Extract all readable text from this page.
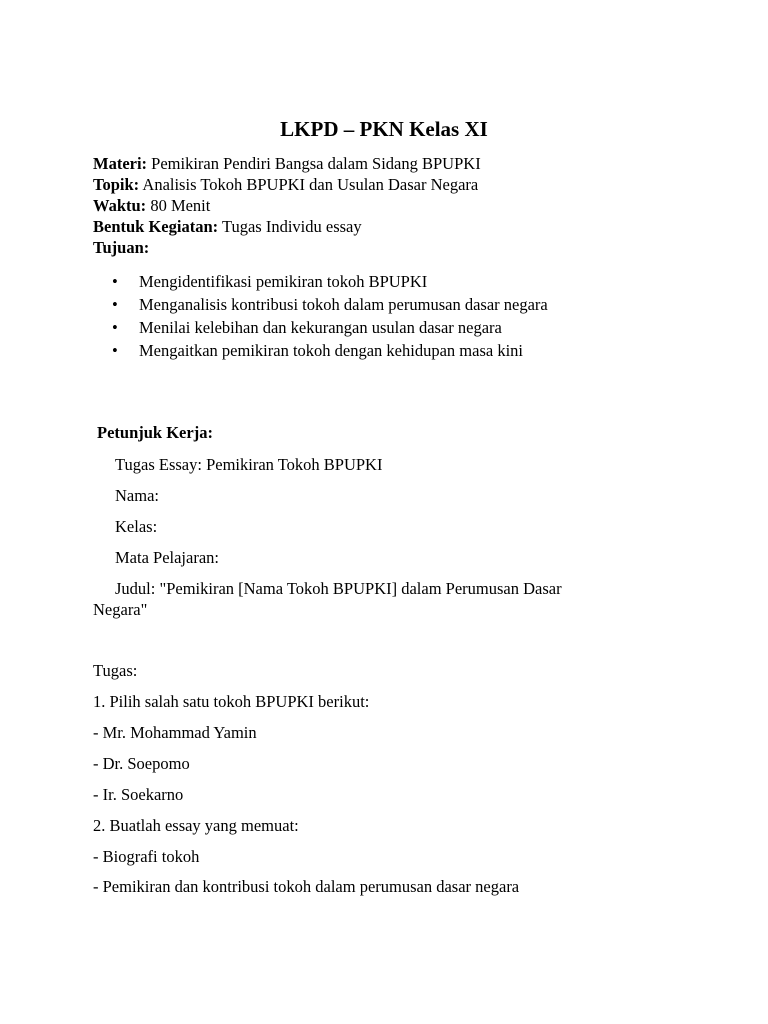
LKPD – PKN Kelas XI
Materi: Pemikiran Pendiri Bangsa dalam Sidang BPUPKI
Topik: Analisis Tokoh BPUPKI dan Usulan Dasar Negara
Waktu: 80 Menit
Bentuk Kegiatan: Tugas Individu essay
Tujuan:
• Mengidentifikasi pemikiran tokoh BPUPKI
• Menganalisis kontribusi tokoh dalam perumusan dasar negara
• Menilai kelebihan dan kekurangan usulan dasar negara
• Mengaitkan pemikiran tokoh dengan kehidupan masa kini
Petunjuk Kerja:
Tugas Essay: Pemikiran Tokoh BPUPKI
Nama:
Kelas:
Mata Pelajaran:
Judul: "Pemikiran [Nama Tokoh BPUPKI] dalam Perumusan Dasar
Negara"
Tugas:
1. Pilih salah satu tokoh BPUPKI berikut:
- Mr. Mohammad Yamin
- Dr. Soepomo
- Ir. Soekarno
2. Buatlah essay yang memuat:
- Biografi tokoh
- Pemikiran dan kontribusi tokoh dalam perumusan dasar negara
